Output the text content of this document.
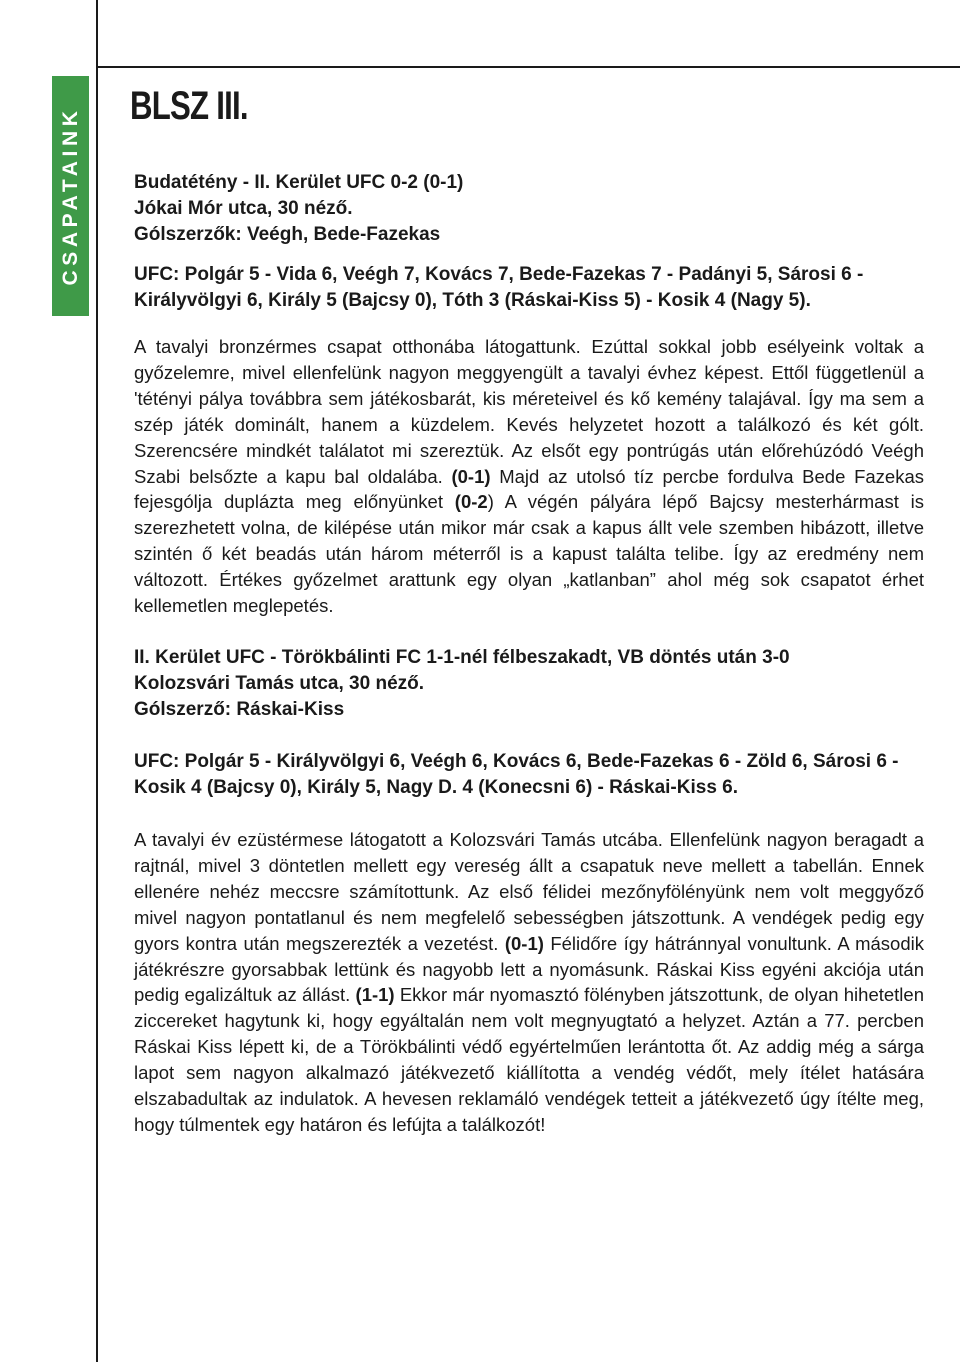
CSAPATAINK
BLSZ III.

Budatétény - II. Kerület UFC 0-2 (0-1)

Jókai Mór utca, 30 néző.

Gólszerzők: Veégh, Bede-Fazekas

UFC: Polgár 5 - Vida 6, Veégh 7, Kovács 7, Bede-Fazekas 7 - Padányi 5, Sárosi 6 - Királyvölgyi 6, Király 5 (Bajcsy 0), Tóth 3 (Ráskai-Kiss 5) - Kosik 4 (Nagy 5).

A tavalyi bronzérmes csapat otthonába látogattunk. Ezúttal sokkal jobb esélyeink voltak a győzelemre, mivel ellenfelünk nagyon meggyengült a tavalyi évhez képest. Ettől függetlenül a 'tétényi pálya továbbra sem játékosbarát, kis méreteivel és kő kemény talajával. Így ma sem a szép játék dominált, hanem a küzdelem. Kevés helyzetet hozott a találkozó és két gólt. Szerencsére mindkét találatot mi szereztük. Az elsőt egy pontrúgás után előrehúzódó Veégh Szabi belsőzte a kapu bal oldalába. (0-1) Majd az utolsó tíz percbe fordulva Bede Fazekas fejesgólja duplázta meg előnyünket (0-2) A végén pályára lépő Bajcsy mesterhármast is szerezhetett volna, de kilépése után mikor már csak a kapus állt vele szemben hibázott, illetve szintén ő két beadás után három méterről is a kapust találta telibe. Így az eredmény nem változott. Értékes győzelmet arattunk egy olyan „katlanban” ahol még sok csapatot érhet kellemetlen meglepetés.

II. Kerület UFC - Törökbálinti FC 1-1-nél félbeszakadt, VB döntés után 3-0

Kolozsvári Tamás utca, 30 néző.

Gólszerző: Ráskai-Kiss

UFC: Polgár 5 - Királyvölgyi 6, Veégh 6, Kovács 6, Bede-Fazekas 6 - Zöld 6, Sárosi 6 - Kosik 4 (Bajcsy 0), Király 5, Nagy D. 4 (Konecsni 6) - Ráskai-Kiss 6.

A tavalyi év ezüstérmese látogatott a Kolozsvári Tamás utcába. Ellenfelünk nagyon beragadt a rajtnál, mivel 3 döntetlen mellett egy vereség állt a csapatuk neve mellett a tabellán. Ennek ellenére nehéz meccsre számítottunk. Az első félidei mezőnyfölényünk nem volt meggyőző mivel nagyon pontatlanul és nem megfelelő sebességben játszottunk. A vendégek pedig egy gyors kontra után megszerezték a vezetést. (0-1) Félidőre így hátránnyal vonultunk. A második játékrészre gyorsabbak lettünk és nagyobb lett a nyomásunk. Ráskai Kiss egyéni akciója után pedig egalizáltuk az állást. (1-1) Ekkor már nyomasztó fölényben játszottunk, de olyan hihetetlen ziccereket hagytunk ki, hogy egyáltalán nem volt megnyugtató a helyzet. Aztán a 77. percben Ráskai Kiss lépett ki, de a Törökbálinti védő egyértelműen lerántotta őt. Az addig még a sárga lapot sem nagyon alkalmazó játékvezető kiállította a vendég védőt, mely ítélet hatására elszabadultak az indulatok. A hevesen reklamáló vendégek tetteit a játékvezető úgy ítélte meg, hogy túlmentek egy határon és lefújta a találkozót!
